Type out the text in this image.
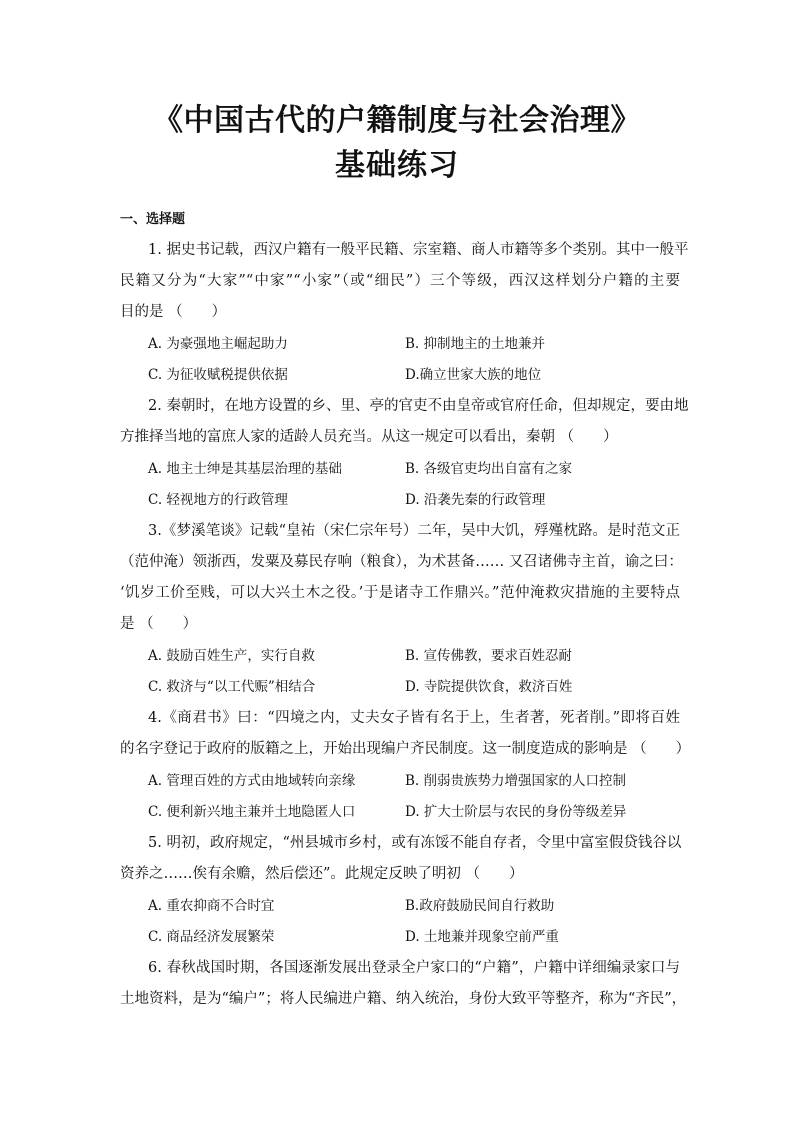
《中国古代的户籍制度与社会治理》
基础练习
一、选择题
1. 据史书记载，西汉户籍有一般平民籍、宗室籍、商人市籍等多个类别。其中一般平
民籍又分为“大家”“中家”“小家”（或“细民”）三个等级，西汉这样划分户籍的主要
目的是 （　　）
A. 为豪强地主崛起助力	B. 抑制地主的土地兼并
C. 为征收赋税提供依据	D.确立世家大族的地位
2. 秦朝时，在地方设置的乡、里、亭的官吏不由皇帝或官府任命，但却规定，要由地
方推择当地的富庶人家的适龄人员充当。从这一规定可以看出，秦朝 （　　）
A. 地主士绅是其基层治理的基础	B. 各级官吏均出自富有之家
C. 轻视地方的行政管理	D. 沿袭先秦的行政管理
3.《梦溪笔谈》记载“皇祐（宋仁宗年号）二年，吴中大饥，殍殣枕路。是时范文正
（范仲淹）领浙西，发粟及募民存响（粮食），为术甚备…… 又召诸佛寺主首，谕之曰：
‘饥岁工价至贱，可以大兴土木之役。’于是诸寺工作鼎兴。”范仲淹救灾措施的主要特点
是 （　　）
A. 鼓励百姓生产，实行自救	B. 宣传佛教，要求百姓忍耐
C. 救济与“以工代赈”相结合	D. 寺院提供饮食，救济百姓
4.《商君书》曰：“四境之内，丈夫女子皆有名于上，生者著，死者削。”即将百姓
的名字登记于政府的版籍之上，开始出现编户齐民制度。这一制度造成的影响是 （　　）
A. 管理百姓的方式由地域转向亲缘	B. 削弱贵族势力增强国家的人口控制
C. 便利新兴地主兼并土地隐匿人口	D. 扩大士阶层与农民的身份等级差异
5. 明初，政府规定，“州县城市乡村，或有冻馁不能自存者，令里中富室假贷钱谷以
资养之……俟有余赡，然后偿还”。此规定反映了明初 （　　）
A. 重农抑商不合时宜	B.政府鼓励民间自行救助
C. 商品经济发展繁荣	D. 土地兼并现象空前严重
6. 春秋战国时期，各国逐渐发展出登录全户家口的“户籍”，户籍中详细编录家口与
土地资料，是为“编户”；将人民编进户籍、纳入统治，身份大致平等整齐，称为“齐民”，
